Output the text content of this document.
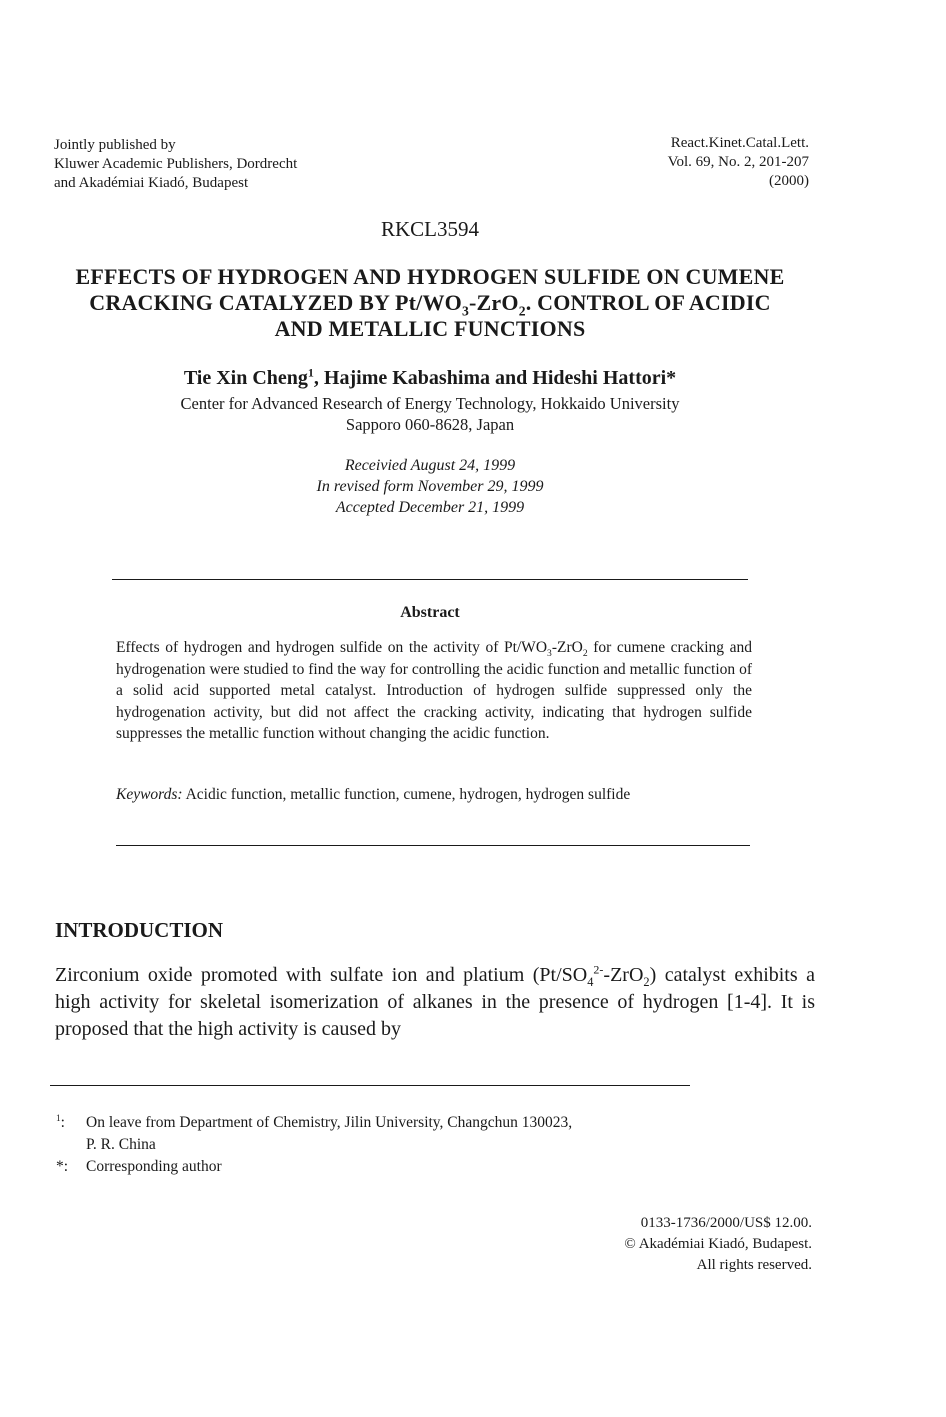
Jointly published by
Kluwer Academic Publishers, Dordrecht
and Akadémiai Kiadó, Budapest
React.Kinet.Catal.Lett.
Vol. 69, No. 2, 201-207
(2000)
RKCL3594
EFFECTS OF HYDROGEN AND HYDROGEN SULFIDE ON CUMENE
CRACKING CATALYZED BY $Pt/WO_3-ZrO_2$. CONTROL OF ACIDIC
AND METALLIC FUNCTIONS
Tie Xin Cheng$^1$, Hajime Kabashima and Hideshi Hattori*
Center for Advanced Research of Energy Technology, Hokkaido University
Sapporo 060-8628, Japan
Receivied August 24, 1999
In revised form November 29, 1999
Accepted December 21, 1999
Abstract
Effects of hydrogen and hydrogen sulfide on the activity of $Pt/WO_3-ZrO_2$ for cumene cracking and hydrogenation were studied to find the way for controlling the acidic function and metallic function of a solid acid supported metal catalyst. Introduction of hydrogen sulfide suppressed only the hydrogenation activity, but did not affect the cracking activity, indicating that hydrogen sulfide suppresses the metallic function without changing the acidic function.
Keywords: Acidic function, metallic function, cumene, hydrogen, hydrogen sulfide
INTRODUCTION
Zirconium oxide promoted with sulfate ion and platium $(Pt/SO_4^{2-}-ZrO_2)$ catalyst exhibits a high activity for skeletal isomerization of alkanes in the presence of hydrogen [1-4]. It is proposed that the high activity is caused by
$^1$: On leave from Department of Chemistry, Jilin University, Changchun 130023,
P. R. China
*: Corresponding author
0133-1736/2000/US$ 12.00.
© Akadémiai Kiadó, Budapest.
All rights reserved.
